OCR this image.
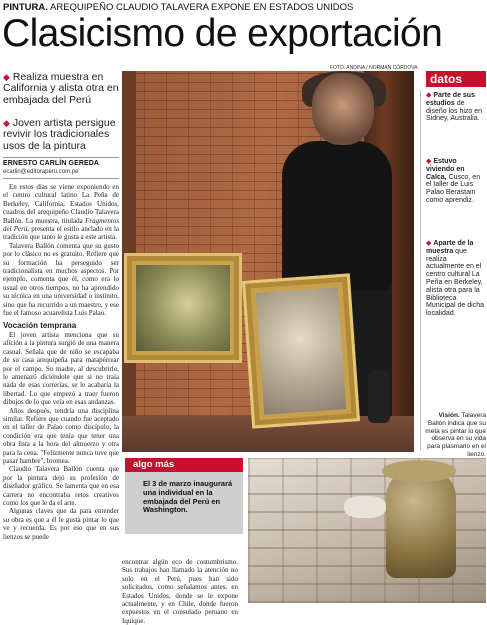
PINTURA. AREQUIPEÑO CLAUDIO TALAVERA EXPONE EN ESTADOS UNIDOS
Clasicismo de exportación
FOTO: ANDINA / NORMAN CÓRDOVA
◆ Realiza muestra en California y alista otra en embajada del Perú
◆ Joven artista persigue revivir los tradicionales usos de la pintura
ERNESTO CARLÍN GEREDA
ecarlin@editoraperu.com.pe

En estos días se viene exponiendo en el centro cultural latino La Peña de Berkeley, California, Estados Unidos, cuadros del arequipeño Claudio Talavera Ballón. La muestra, titulada Fragmentos del Perú, presenta el estilo anclado en la tradición que tanto le gusta a este artista.

Talavera Ballón comenta que su gusto por lo clásico no es gratuito. Refiere que su formación ha perseguido ser tradicionalista en muchos aspectos. Por ejemplo, comenta que él, como era lo usual en otros tiempos, no ha aprendido su técnica en una universidad o instituto, sino que ha recurrido a un maestro, y ese fue el famoso acuarelista Luis Palao.

Vocación temprana

El joven artista menciona que su afición a la pintura surgió de una manera casual. Señala que de niño se escapaba de su casa arequipeña para matapérrear por el campo. Su madre, al descubrirlo, le amenazó diciéndole que si no traía nada de esas correrías, se le acabaría la libertad. Lo que empezó a traer fueron dibujos de lo que veía en esas andanzas.

Años después, tendría una disciplina similar. Refiere que cuando fue aceptado en el taller de Palao como discípulo, la condición era que tenía que tener una obra lista a la hora del almuerzo y otra para la cena. "Felizmente nunca tuve que pasar hambre", bromea.

Claudio Talavera Ballón cuenta que por la pintura dejó su profesión de diseñador gráfico. Se lamenta que en esa carrera no encontraba retos creativos como los que le da el arte.

Algunas claves que da para entender su obra es que a él le gusta pintar lo que ve y recuerda. Es por eso que en sus lienzos se puede

datos
◆ Parte de sus estudios de diseño los hizo en Sidney, Australia.
◆ Estuvo viviendo en Calca, Cusco, en el taller de Luis Palao Berastain como aprendiz.
◆ Aparte de la muestra que realiza actualmente en el centro cultural La Peña en Berkeley, alista otra para la Biblioteca Municipal de dicha localidad.
Visión. Talavera Ballón indica que su meta es pintar lo que observa en su vida para plasmarlo en el lienzo.
algo más
El 3 de marzo inaugurará una individual en la embajada del Perú en Washington.
encontrar algún eco de costumbrismo. Sus trabajos han llamado la atención no solo en el Perú, pues han sido solicitados, como señalamos antes, en Estados Unidos, donde se le expone actualmente, y en Chile, donde fueron expuestos en el consulado peruano en Iquique.
